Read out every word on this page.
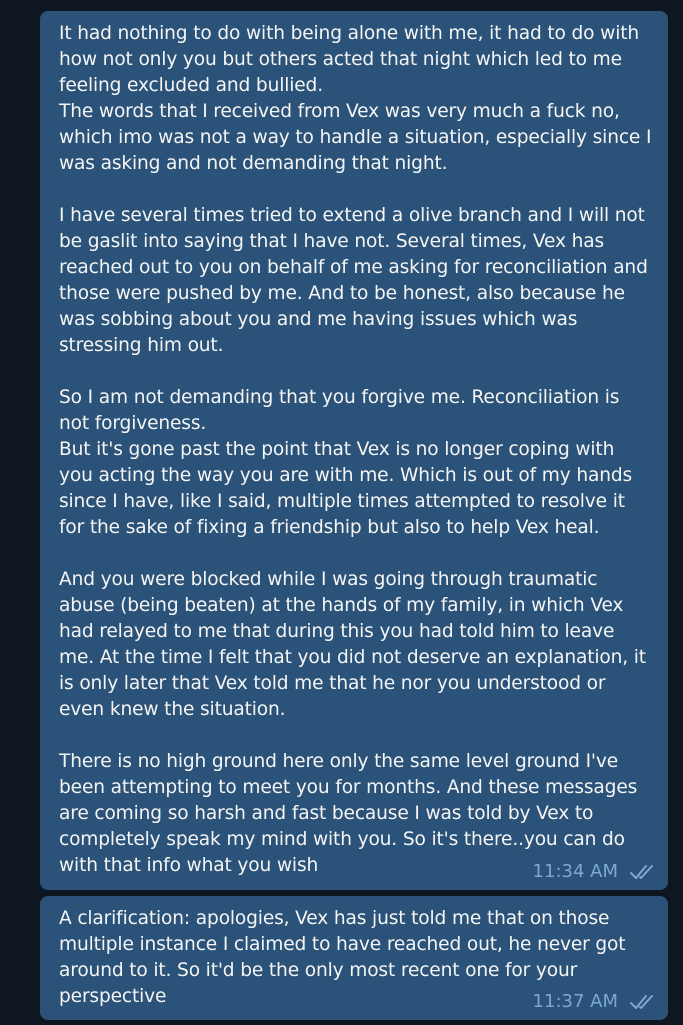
It had nothing to do with being alone with me, it had to do with how not only you but others acted that night which led to me feeling excluded and bullied.
The words that I received from Vex was very much a fuck no, which imo was not a way to handle a situation, especially since I was asking and not demanding that night.

I have several times tried to extend a olive branch and I will not be gaslit into saying that I have not. Several times, Vex has reached out to you on behalf of me asking for reconciliation and those were pushed by me. And to be honest, also because he was sobbing about you and me having issues which was stressing him out.

So I am not demanding that you forgive me. Reconciliation is not forgiveness.
But it's gone past the point that Vex is no longer coping with you acting the way you are with me. Which is out of my hands since I have, like I said, multiple times attempted to resolve it for the sake of fixing a friendship but also to help Vex heal.

And you were blocked while I was going through traumatic abuse (being beaten) at the hands of my family, in which Vex had relayed to me that during this you had told him to leave me. At the time I felt that you did not deserve an explanation, it is only later that Vex told me that he nor you understood or even knew the situation.

There is no high ground here only the same level ground I've been attempting to meet you for months. And these messages are coming so harsh and fast because I was told by Vex to completely speak my mind with you. So it's there..you can do with that info what you wish	11:34 AM

A clarification: apologies, Vex has just told me that on those multiple instance I claimed to have reached out, he never got around to it. So it'd be the only most recent one for your perspective	11:37 AM
